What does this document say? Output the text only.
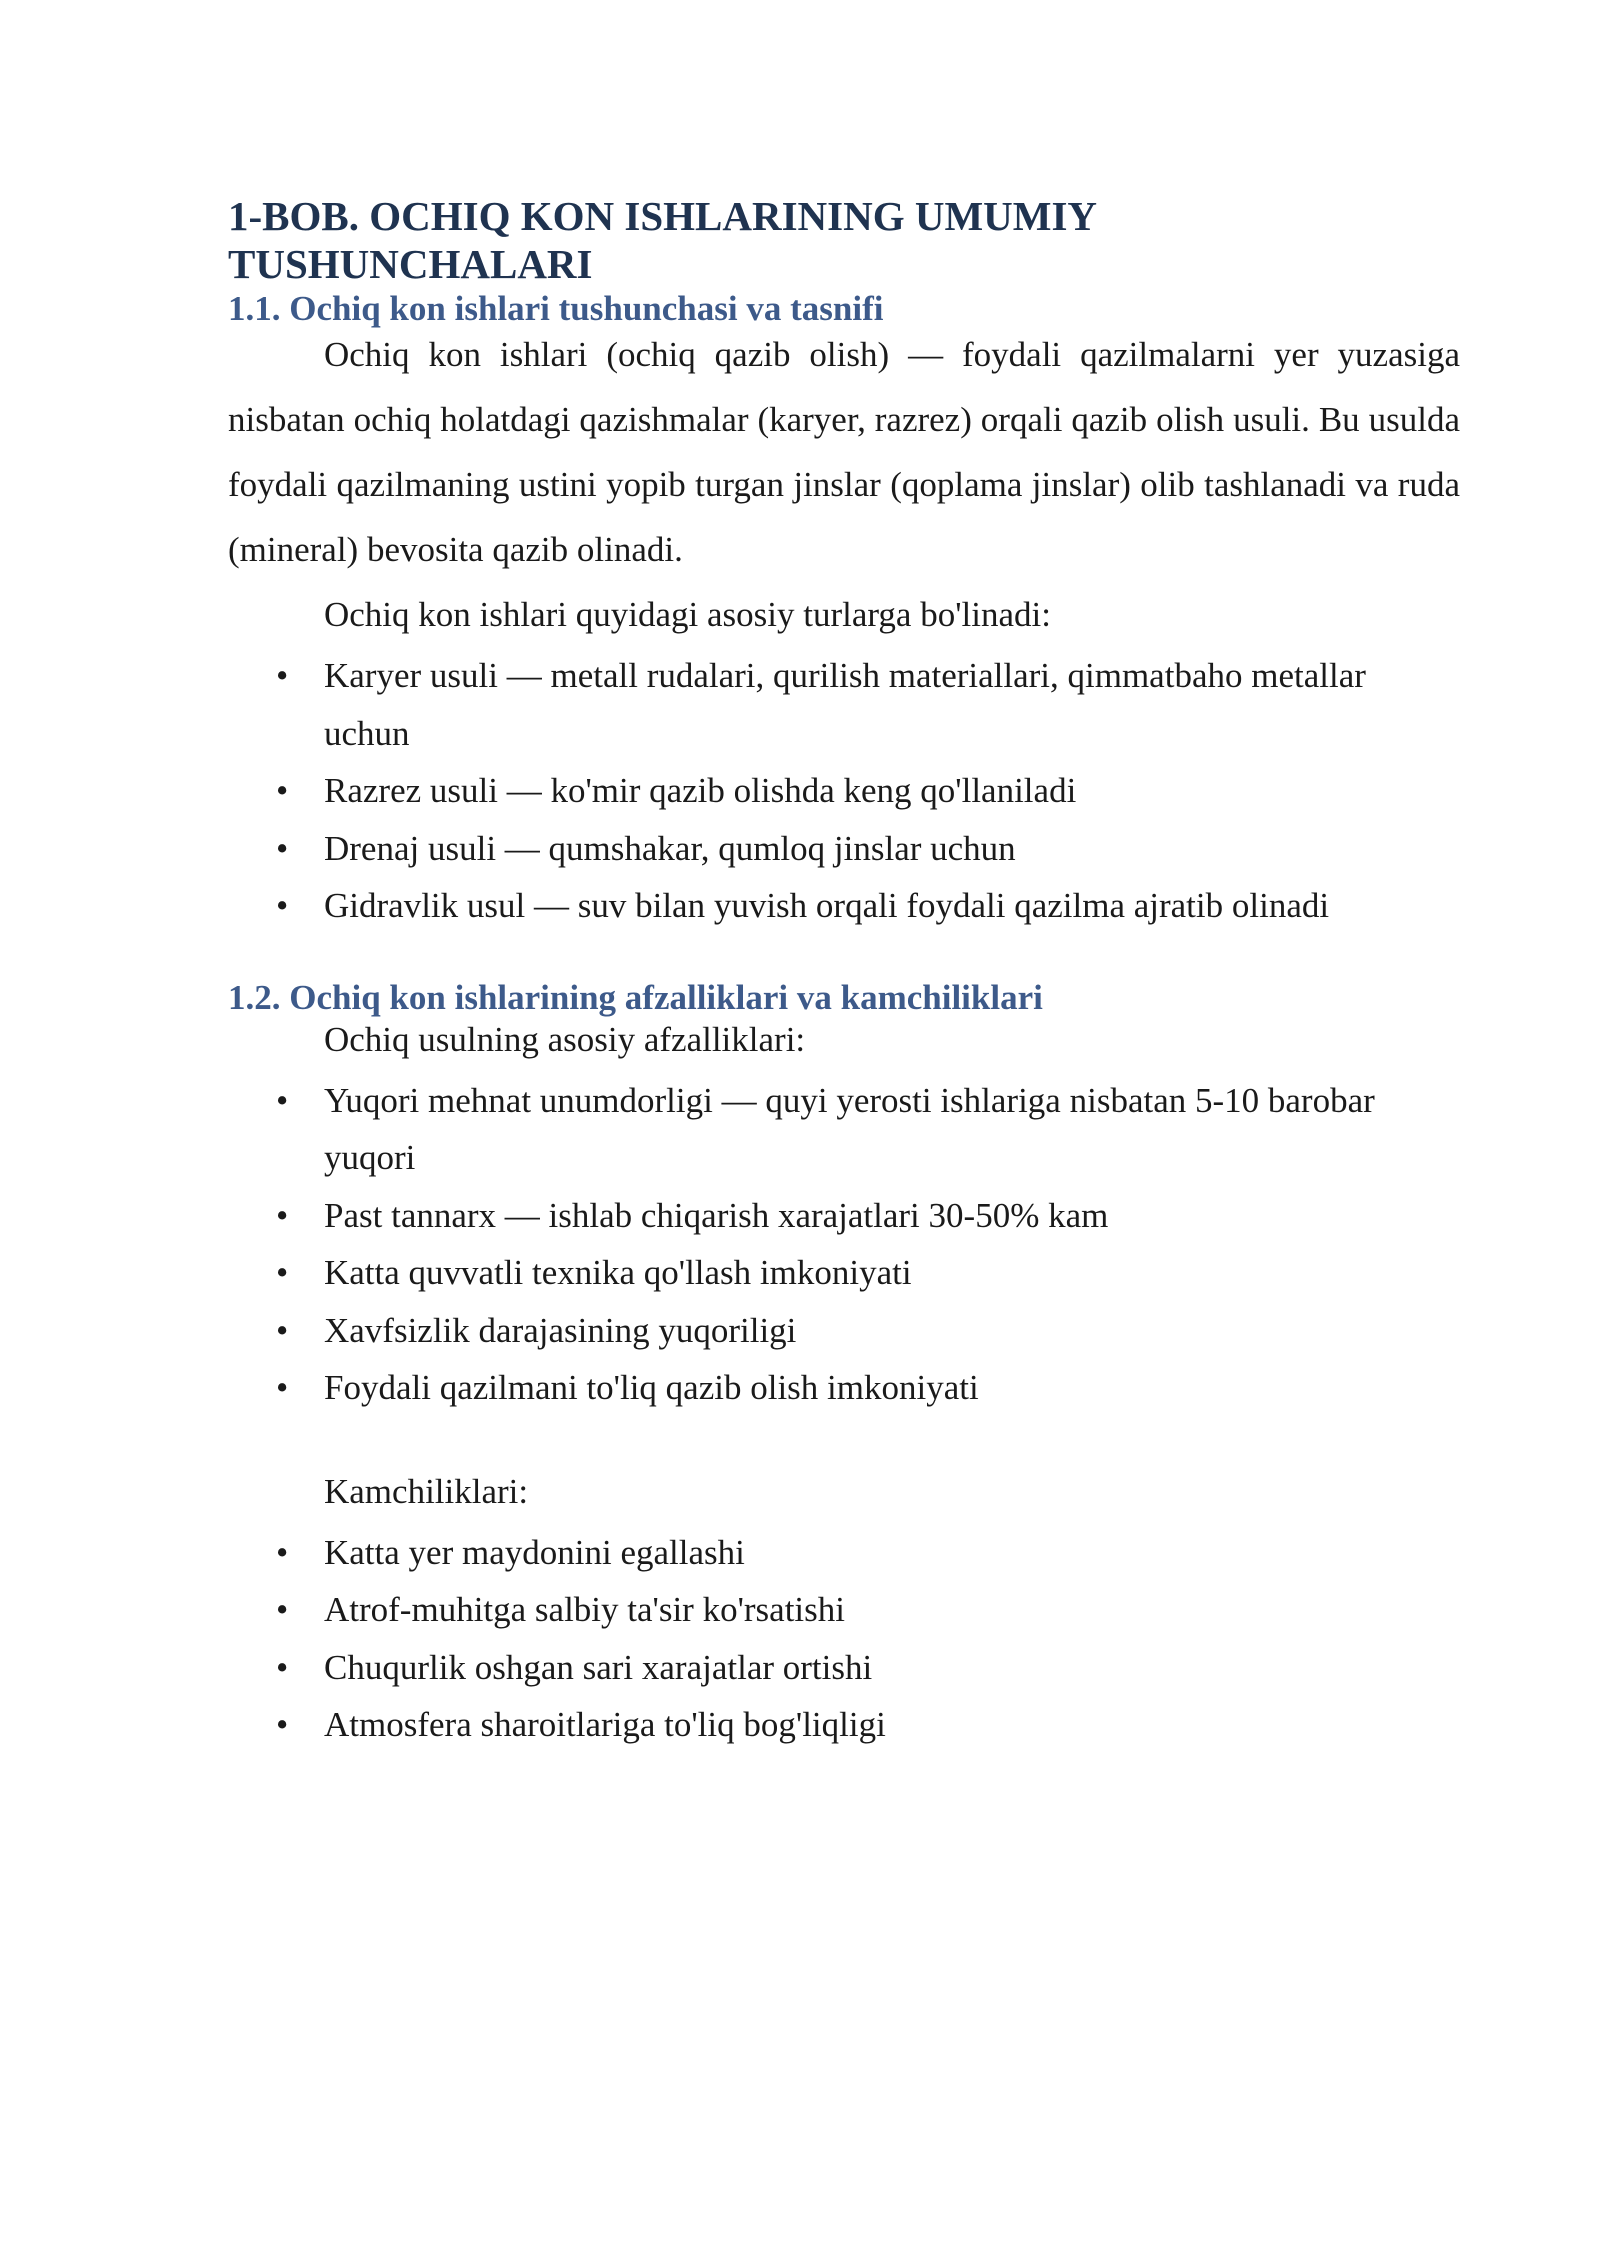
1-BOB. OCHIQ KON ISHLARINING UMUMIY
TUSHUNCHALARI
1.1. Ochiq kon ishlari tushunchasi va tasnifi

Ochiq kon ishlari (ochiq qazib olish) — foydali qazilmalarni yer yuzasiga nisbatan ochiq holatdagi qazishmalar (karyer, razrez) orqali qazib olish usuli. Bu usulda foydali qazilmaning ustini yopib turgan jinslar (qoplama jinslar) olib tashlanadi va ruda (mineral) bevosita qazib olinadi.

Ochiq kon ishlari quyidagi asosiy turlarga bo'linadi:

• Karyer usuli — metall rudalari, qurilish materiallari, qimmatbaho metallar uchun
• Razrez usuli — ko'mir qazib olishda keng qo'llaniladi
• Drenaj usuli — qumshakar, qumloq jinslar uchun
• Gidravlik usul — suv bilan yuvish orqali foydali qazilma ajratib olinadi
1.2. Ochiq kon ishlarining afzalliklari va kamchiliklari

Ochiq usulning asosiy afzalliklari:

• Yuqori mehnat unumdorligi — quyi yerosti ishlariga nisbatan 5-10 barobar yuqori
• Past tannarx — ishlab chiqarish xarajatlari 30-50% kam
• Katta quvvatli texnika qo'llash imkoniyati
• Xavfsizlik darajasining yuqoriligi
• Foydali qazilmani to'liq qazib olish imkoniyati

Kamchiliklari:

• Katta yer maydonini egallashi
• Atrof-muhitga salbiy ta'sir ko'rsatishi
• Chuqurlik oshgan sari xarajatlar ortishi
• Atmosfera sharoitlariga to'liq bog'liqligi
